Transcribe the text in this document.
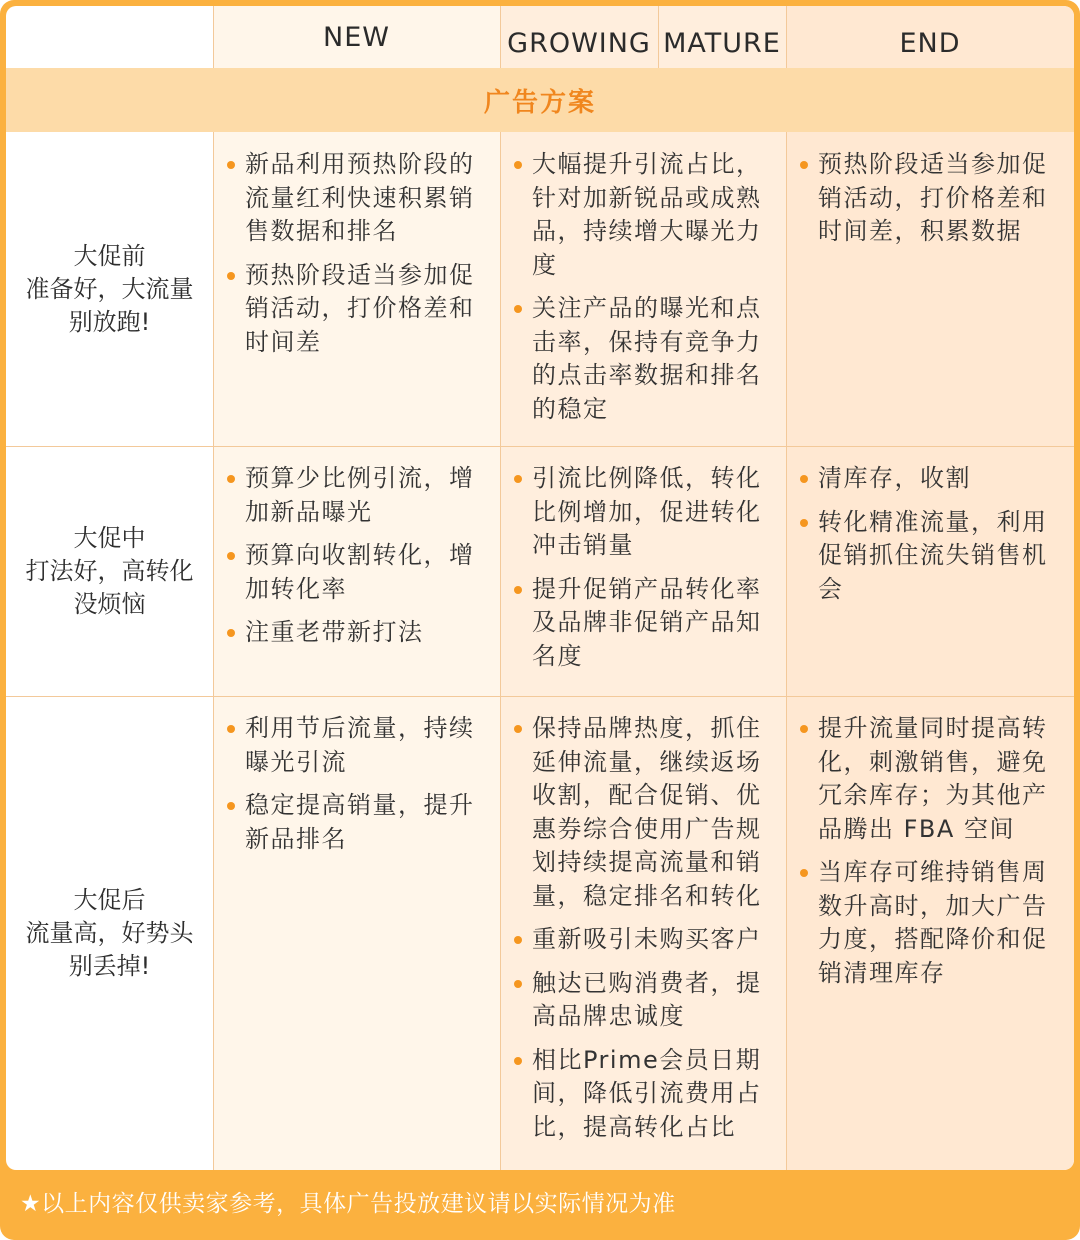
NEW	GROWING MATURE	END
广告方案
大促前
准备好，大流量
别放跑!
新品利用预热阶段的流量红利快速积累销售数据和排名
预热阶段适当参加促销活动，打价格差和时间差
大幅提升引流占比，针对加新锐品或成熟品，持续增大曝光力度
关注产品的曝光和点击率，保持有竞争力的点击率数据和排名的稳定
预热阶段适当参加促销活动，打价格差和时间差，积累数据
大促中
打法好，高转化
没烦恼
预算少比例引流，增加新品曝光
预算向收割转化，增加转化率
注重老带新打法
引流比例降低，转化比例增加，促进转化冲击销量
提升促销产品转化率及品牌非促销产品知名度
清库存，收割
转化精准流量，利用促销抓住流失销售机会
大促后
流量高，好势头
别丢掉!
利用节后流量，持续曝光引流
稳定提高销量，提升新品排名
保持品牌热度，抓住延伸流量，继续返场收割，配合促销、优惠券综合使用广告规划持续提高流量和销量，稳定排名和转化
重新吸引未购买客户
触达已购消费者，提高品牌忠诚度
相比Prime会员日期间，降低引流费用占比，提高转化占比
提升流量同时提高转化，刺激销售，避免冗余库存；为其他产品腾出 FBA 空间
当库存可维持销售周数升高时，加大广告力度，搭配降价和促销清理库存
★以上内容仅供卖家参考，具体广告投放建议请以实际情况为准
